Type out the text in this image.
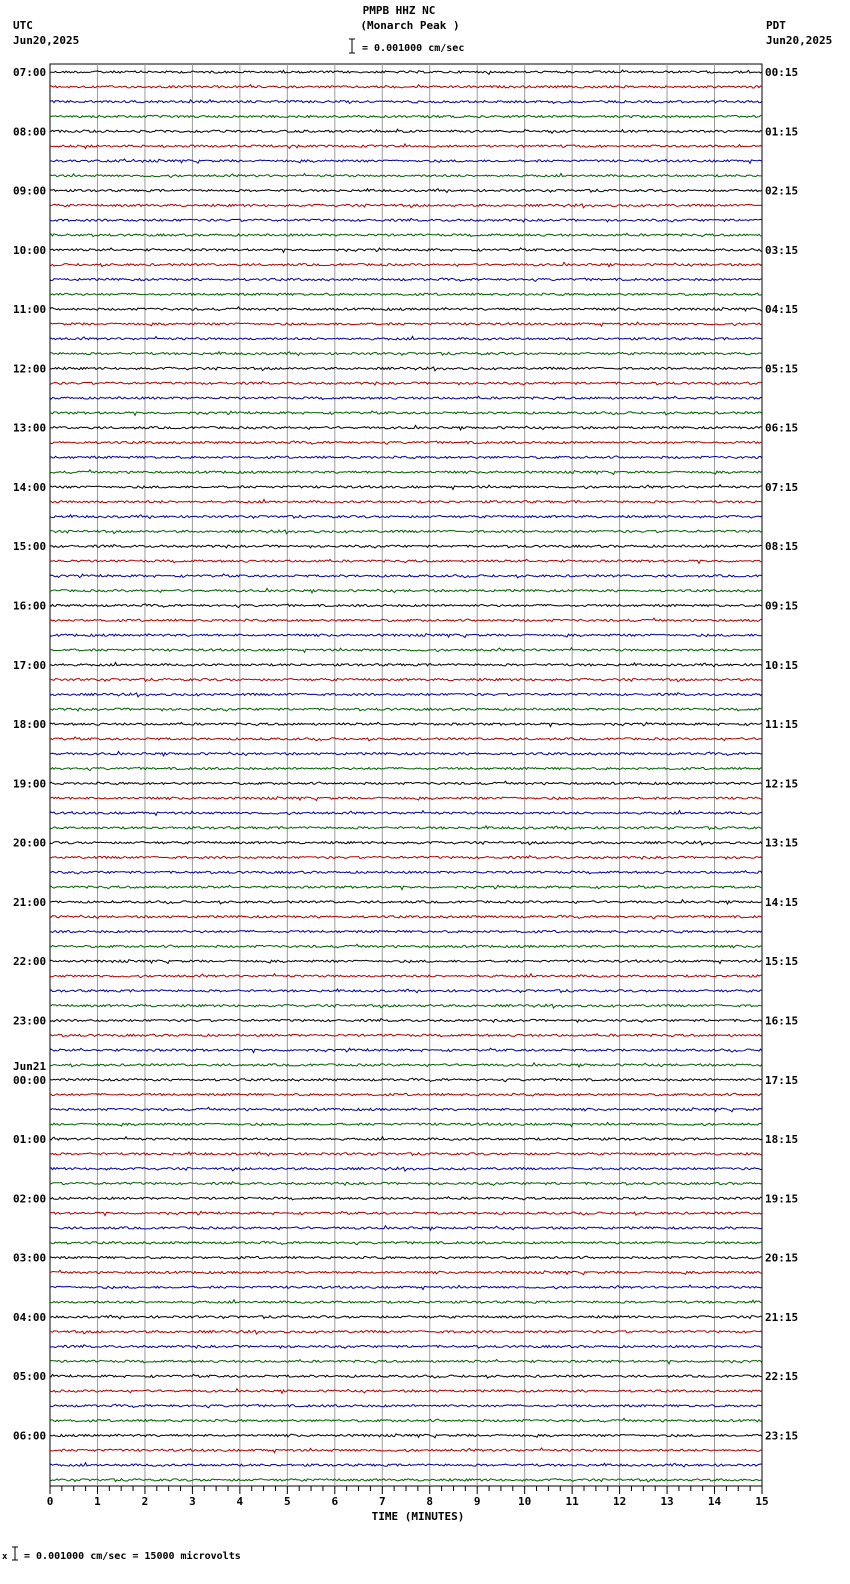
PMPB HHZ NC
(Monarch Peak )
UTC
Jun20,2025
PDT
Jun20,2025
= 0.001000 cm/sec
07:00	00:15
08:00	01:15
09:00	02:15
10:00	03:15
11:00	04:15
12:00	05:15
13:00	06:15
14:00	07:15
15:00	08:15
16:00	09:15
17:00	10:15
18:00	11:15
19:00	12:15
20:00	13:15
21:00	14:15
22:00	15:15
23:00	16:15
00:00	17:15
01:00	18:15
02:00	19:15
03:00	20:15
04:00	21:15
05:00	22:15
06:00	23:15
Jun21
0	1	2	3	4	5	6	7	8	9	10	11	12	13	14	15
TIME (MINUTES)
x = 0.001000 cm/sec = 15000 microvolts
